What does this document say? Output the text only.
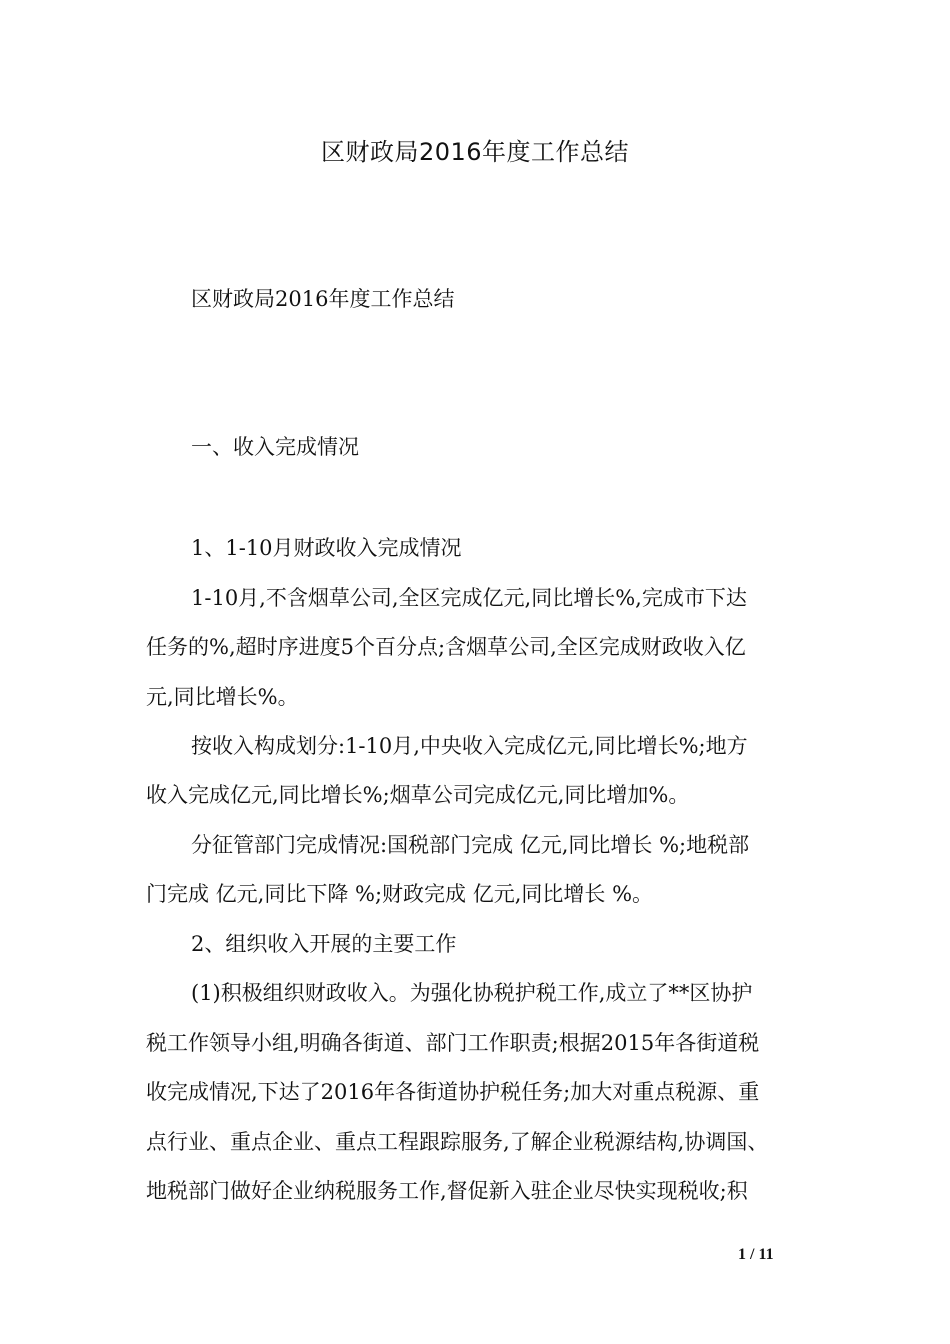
区财政局2016年度工作总结
区财政局2016年度工作总结
一、收入完成情况
1、1-10月财政收入完成情况
1-10月,不含烟草公司,全区完成亿元,同比增长%,完成市下达
任务的%,超时序进度5个百分点;含烟草公司,全区完成财政收入亿
元,同比增长%。
按收入构成划分:1-10月,中央收入完成亿元,同比增长%;地方
收入完成亿元,同比增长%;烟草公司完成亿元,同比增加%。
分征管部门完成情况:国税部门完成 亿元,同比增长 %;地税部
门完成 亿元,同比下降 %;财政完成 亿元,同比增长 %。
2、组织收入开展的主要工作
(1)积极组织财政收入。为强化协税护税工作,成立了**区协护
税工作领导小组,明确各街道、部门工作职责;根据2015年各街道税
收完成情况,下达了2016年各街道协护税任务;加大对重点税源、重
点行业、重点企业、重点工程跟踪服务,了解企业税源结构,协调国、
地税部门做好企业纳税服务工作,督促新入驻企业尽快实现税收;积
1 / 11
